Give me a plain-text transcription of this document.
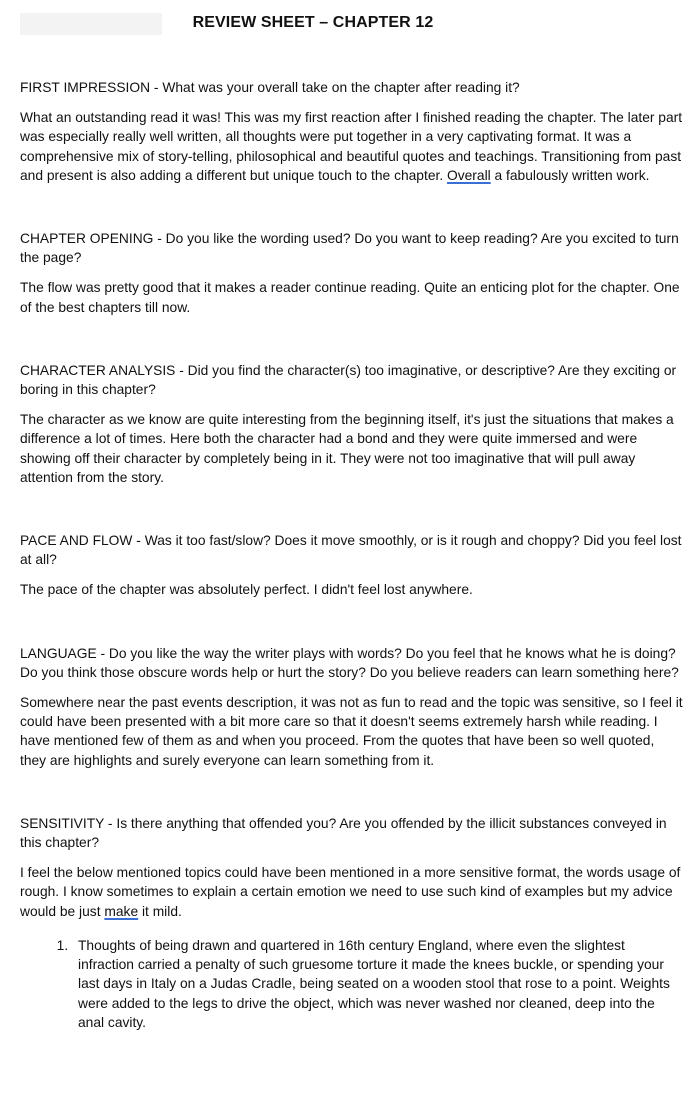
REVIEW SHEET – CHAPTER 12

FIRST IMPRESSION - What was your overall take on the chapter after reading it?

What an outstanding read it was! This was my first reaction after I finished reading the chapter. The later part was especially really well written, all thoughts were put together in a very captivating format. It was a comprehensive mix of story-telling, philosophical and beautiful quotes and teachings. Transitioning from past and present is also adding a different but unique touch to the chapter. Overall a fabulously written work.

CHAPTER OPENING - Do you like the wording used? Do you want to keep reading? Are you excited to turn the page?

The flow was pretty good that it makes a reader continue reading. Quite an enticing plot for the chapter. One of the best chapters till now.

CHARACTER ANALYSIS - Did you find the character(s) too imaginative, or descriptive? Are they exciting or boring in this chapter?

The character as we know are quite interesting from the beginning itself, it's just the situations that makes a difference a lot of times. Here both the character had a bond and they were quite immersed and were showing off their character by completely being in it. They were not too imaginative that will pull away attention from the story.

PACE AND FLOW - Was it too fast/slow? Does it move smoothly, or is it rough and choppy? Did you feel lost at all?

The pace of the chapter was absolutely perfect. I didn't feel lost anywhere.

LANGUAGE - Do you like the way the writer plays with words? Do you feel that he knows what he is doing? Do you think those obscure words help or hurt the story? Do you believe readers can learn something here?

Somewhere near the past events description, it was not as fun to read and the topic was sensitive, so I feel it could have been presented with a bit more care so that it doesn't seems extremely harsh while reading. I have mentioned few of them as and when you proceed. From the quotes that have been so well quoted, they are highlights and surely everyone can learn something from it.

SENSITIVITY - Is there anything that offended you? Are you offended by the illicit substances conveyed in this chapter?

I feel the below mentioned topics could have been mentioned in a more sensitive format, the words usage of rough. I know sometimes to explain a certain emotion we need to use such kind of examples but my advice would be just make it mild.

1. Thoughts of being drawn and quartered in 16th century England, where even the slightest infraction carried a penalty of such gruesome torture it made the knees buckle, or spending your last days in Italy on a Judas Cradle, being seated on a wooden stool that rose to a point. Weights were added to the legs to drive the object, which was never washed nor cleaned, deep into the anal cavity.
